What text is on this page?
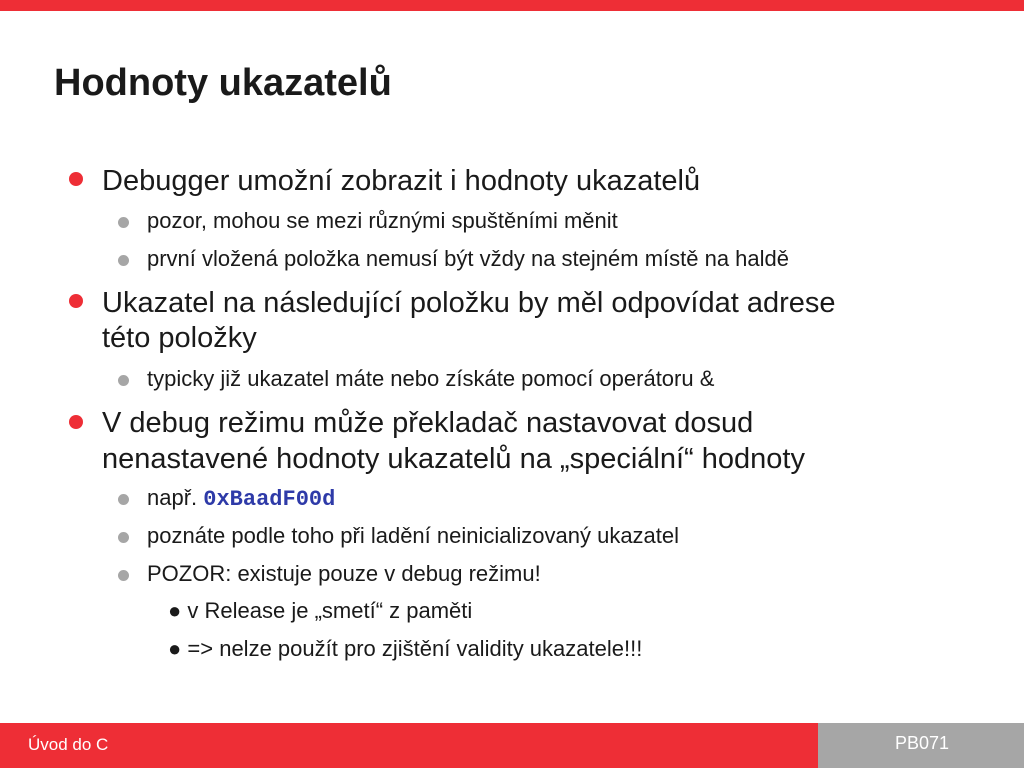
Hodnoty ukazatelů
Debugger umožní zobrazit i hodnoty ukazatelů
pozor, mohou se mezi různými spuštěními měnit
první vložená položka nemusí být vždy na stejném místě na haldě
Ukazatel na následující položku by měl odpovídat adrese
této položky
typicky již ukazatel máte nebo získáte pomocí operátoru &
V debug režimu může překladač nastavovat dosud
nenastavené hodnoty ukazatelů na „speciální“ hodnoty
např. 0xBaadF00d
poznáte podle toho při ladění neinicializovaný ukazatel
POZOR: existuje pouze v debug režimu!
● v Release je „smetí“ z paměti
● => nelze použít pro zjištění validity ukazatele!!!
Úvod do C	PB071
